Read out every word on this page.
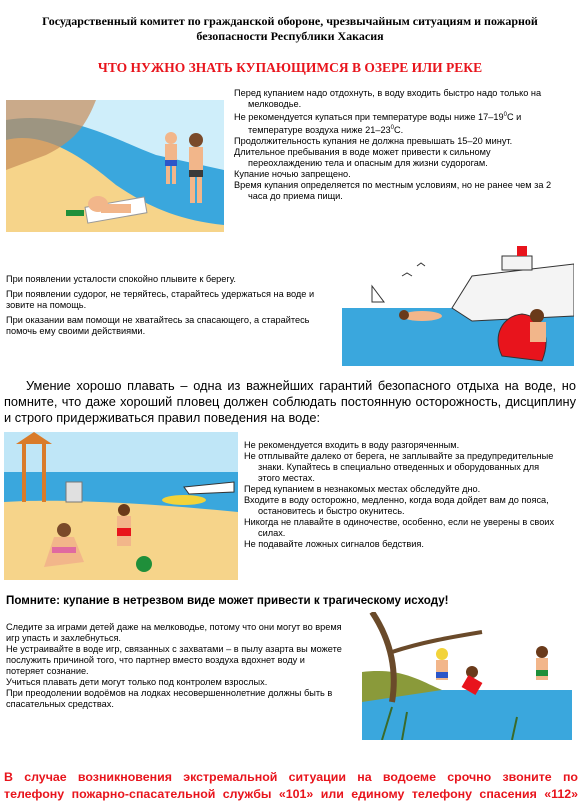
Государственный комитет по гражданской обороне, чрезвычайным ситуациям и пожарной
безопасности Республики Хакасия
ЧТО НУЖНО ЗНАТЬ КУПАЮЩИМСЯ В ОЗЕРЕ ИЛИ РЕКЕ

Перед купанием надо отдохнуть, в воду входить быстро надо только на мелководье.

Не рекомендуется купаться при температуре воды ниже $17-19^0С$ и температуре воздуха ниже $21-23^0С$.

Продолжительность купания не должна превышать 15–20 минут.

Длительное пребывания в воде может привести к сильному переохлаждению тела и опасным для жизни судорогам.

Купание ночью запрещено.

Время купания определяется по местным условиям, но не ранее чем за 2 часа до приема пищи.

При появлении усталости спокойно плывите к берегу.

При появлении судорог, не теряйтесь, старайтесь удержаться на воде и зовите на помощь.

При оказании вам помощи не хватайтесь за спасающего, а старайтесь помочь ему своими действиями.

Умение хорошо плавать – одна из важнейших гарантий безопасного отдыха на воде, но помните, что даже хороший пловец должен соблюдать постоянную осторожность, дисциплину и строго придерживаться правил поведения на воде:

Не рекомендуется входить в воду разгоряченным.

Не отплывайте далеко от берега, не заплывайте за предупредительные знаки. Купайтесь в специально отведенных и оборудованных для этого местах.

Перед купанием в незнакомых местах обследуйте дно.

Входите в воду осторожно, медленно, когда вода дойдет вам до пояса, остановитесь и быстро окунитесь.

Никогда не плавайте в одиночестве, особенно, если не уверены в своих силах.

Не подавайте ложных сигналов бедствия.

Помните: купание в нетрезвом виде может привести к трагическому исходу!

Следите за играми детей даже на мелководье, потому что они могут во время игр упасть и захлебнуться.

Не устраивайте в воде игр, связанных с захватами – в пылу азарта вы можете послужить причиной того, что партнер вместо воздуха вдохнет воду и потеряет сознание.

Учиться плавать дети могут только под контролем взрослых.

При преодолении водоёмов на лодках несовершеннолетние должны быть в спасательных средствах.

В случае возникновения экстремальной ситуации на водоеме срочно звоните по
телефону пожарно-спасательной службы «101» или единому телефону спасения «112»
